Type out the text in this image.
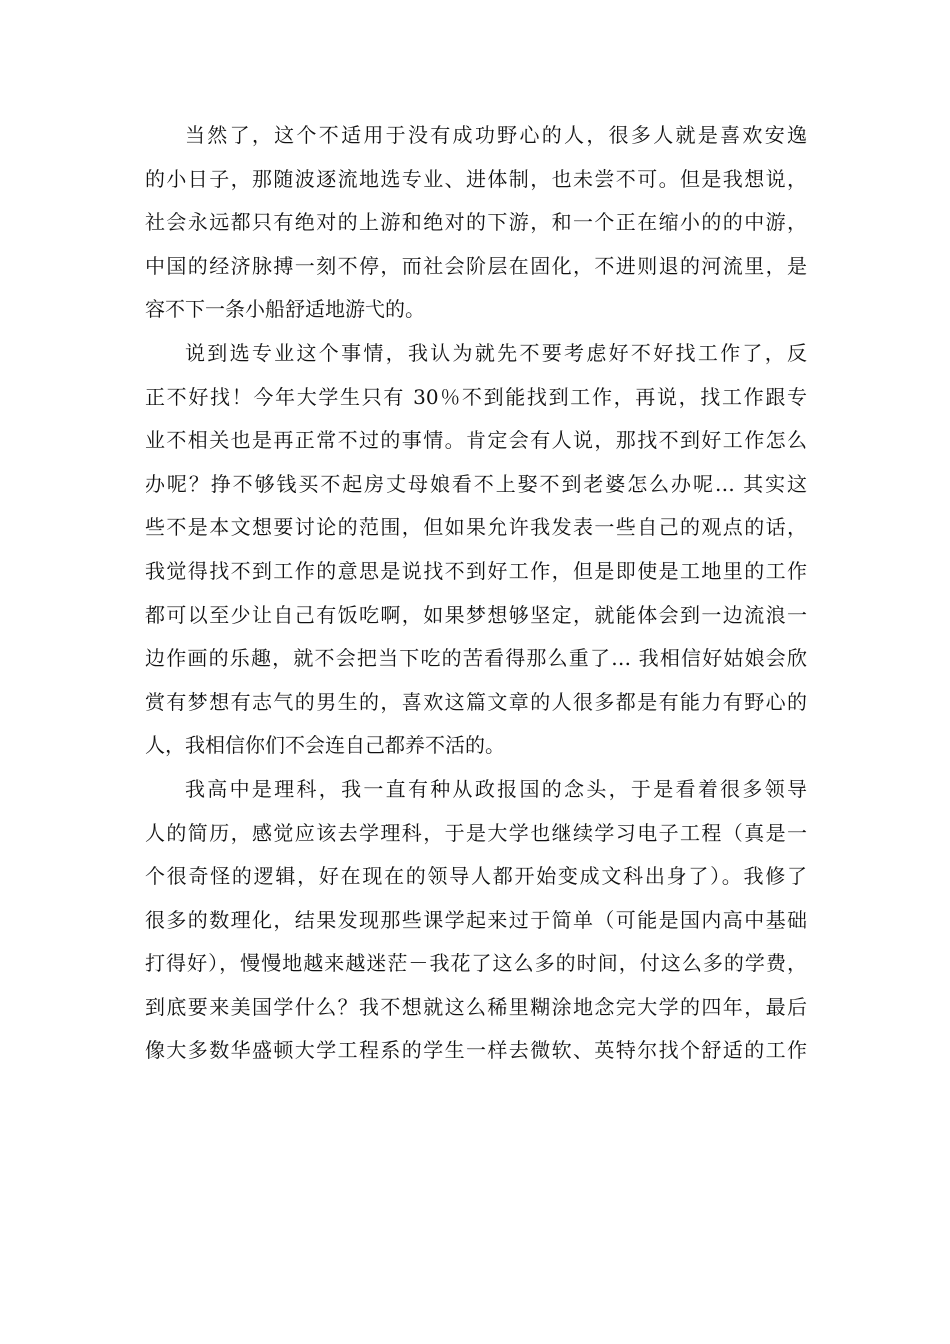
当然了，这个不适用于没有成功野心的人，很多人就是喜欢安逸
的小日子，那随波逐流地选专业、进体制，也未尝不可。但是我想说，
社会永远都只有绝对的上游和绝对的下游，和一个正在缩小的的中游，
中国的经济脉搏一刻不停，而社会阶层在固化，不进则退的河流里，是
容不下一条小船舒适地游弋的。
说到选专业这个事情，我认为就先不要考虑好不好找工作了，反
正不好找！今年大学生只有 30％不到能找到工作，再说，找工作跟专
业不相关也是再正常不过的事情。肯定会有人说，那找不到好工作怎么
办呢？挣不够钱买不起房丈母娘看不上娶不到老婆怎么办呢… 其实这
些不是本文想要讨论的范围，但如果允许我发表一些自己的观点的话，
我觉得找不到工作的意思是说找不到好工作，但是即使是工地里的工作
都可以至少让自己有饭吃啊，如果梦想够坚定，就能体会到一边流浪一
边作画的乐趣，就不会把当下吃的苦看得那么重了… 我相信好姑娘会欣
赏有梦想有志气的男生的，喜欢这篇文章的人很多都是有能力有野心的
人，我相信你们不会连自己都养不活的。
我高中是理科，我一直有种从政报国的念头，于是看着很多领导
人的简历，感觉应该去学理科，于是大学也继续学习电子工程（真是一
个很奇怪的逻辑，好在现在的领导人都开始变成文科出身了）。我修了
很多的数理化，结果发现那些课学起来过于简单（可能是国内高中基础
打得好），慢慢地越来越迷茫－我花了这么多的时间，付这么多的学费，
到底要来美国学什么？我不想就这么稀里糊涂地念完大学的四年，最后
像大多数华盛顿大学工程系的学生一样去微软、英特尔找个舒适的工作
